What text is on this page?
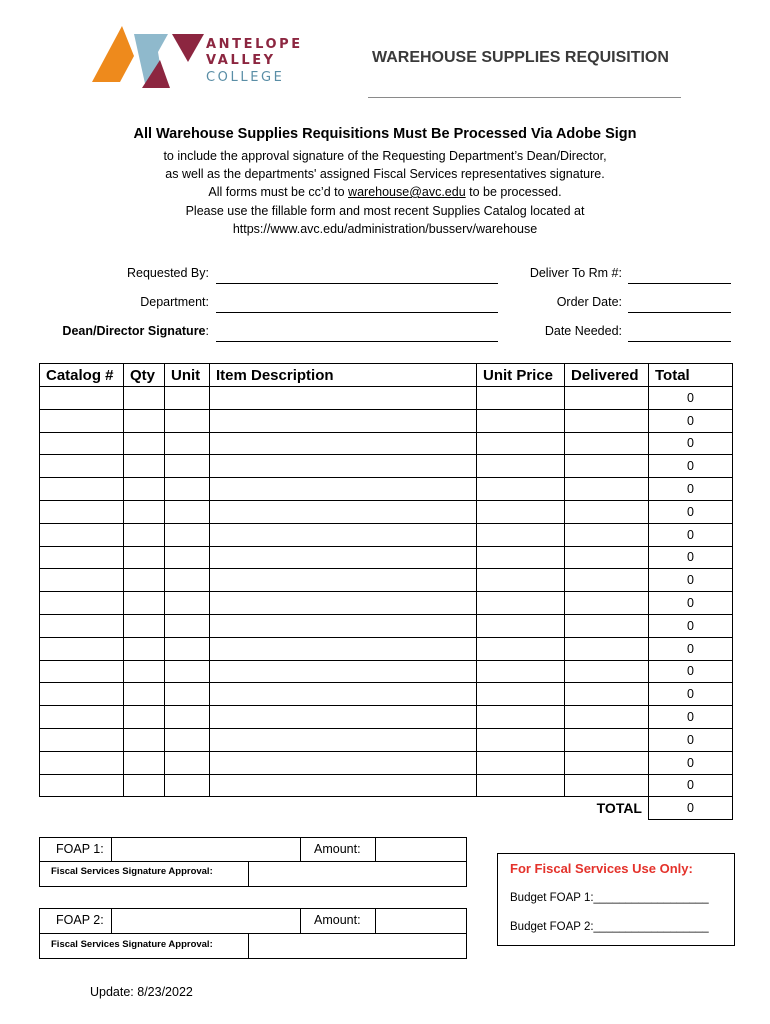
ANTELOPE
VALLEY
COLLEGE
WAREHOUSE SUPPLIES REQUISITION
All Warehouse Supplies Requisitions Must Be Processed Via Adobe Sign
to include the approval signature of the Requesting Department’s Dean/Director,
as well as the departments' assigned Fiscal Services representatives signature.
All forms must be cc’d to warehouse@avc.edu to be processed.
Please use the fillable form and most recent Supplies Catalog located at
https://www.avc.edu/administration/busserv/warehouse
Requested By:
Department:
Dean/Director Signature:
Deliver To Rm #:
Order Date:
Date Needed:
Catalog #	Qty	Unit	Item Description	Unit Price	Delivered	Total
						0
						0
						0
						0
						0
						0
						0
						0
						0
						0
						0
						0
						0
						0
						0
						0
						0
						0
TOTAL						0
FOAP 1:	Amount:
Fiscal Services Signature Approval:
FOAP 2:	Amount:
Fiscal Services Signature Approval:
For Fiscal Services Use Only:
Budget FOAP 1:__________________
Budget FOAP 2:__________________
Update: 8/23/2022
